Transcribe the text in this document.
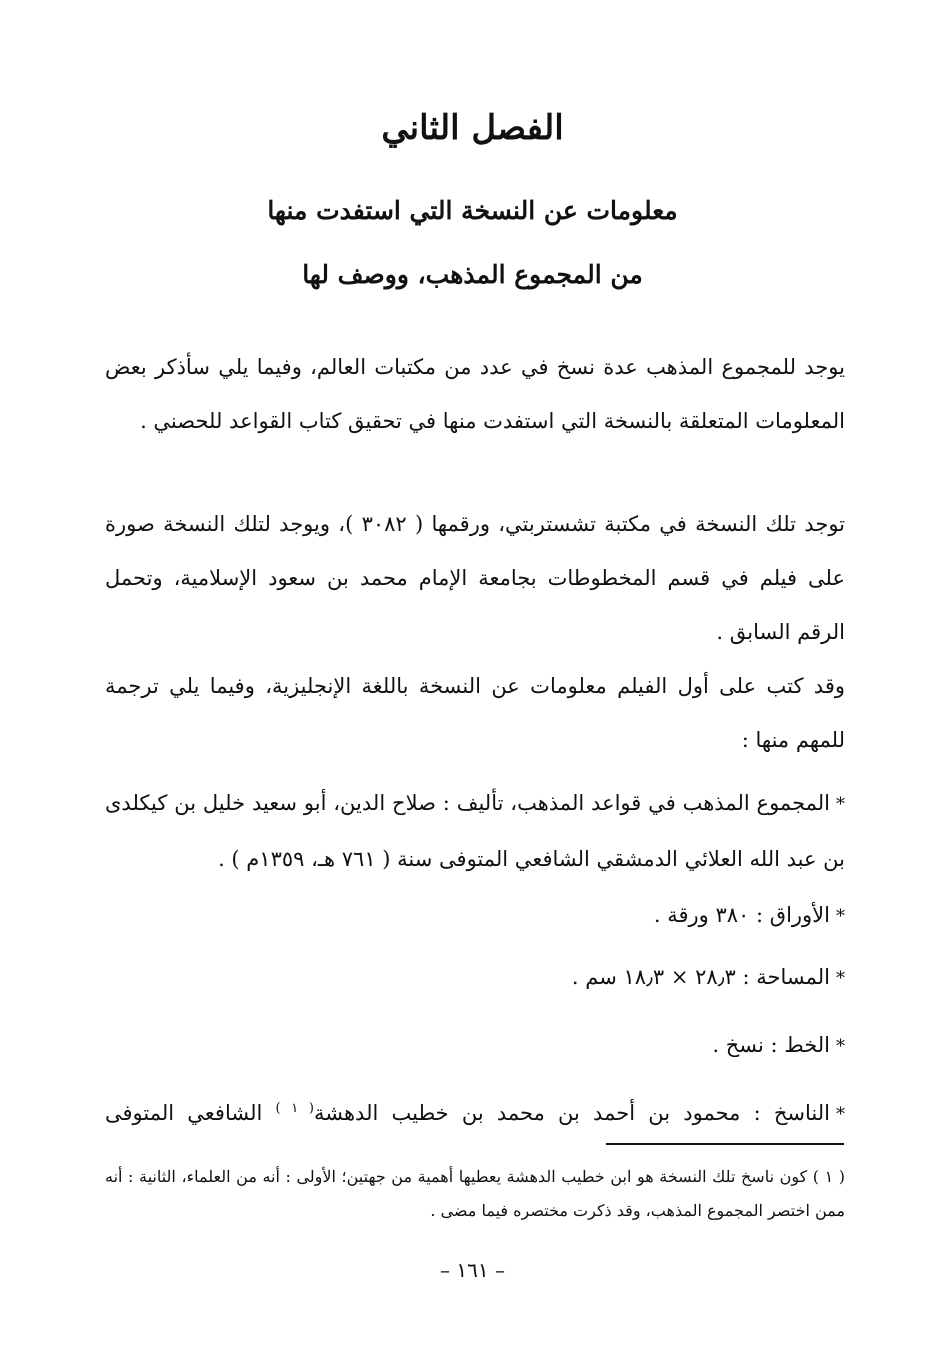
الفصل الثاني
معلومات عن النسخة التي استفدت منها
من المجموع المذهب، ووصف لها

يوجد للمجموع المذهب عدة نسخ في عدد من مكتبات العالم، وفيما يلي سأذكر بعض المعلومات المتعلقة بالنسخة التي استفدت منها في تحقيق كتاب القواعد للحصني .

توجد تلك النسخة في مكتبة تشستربتي، ورقمها ( ٣٠٨٢ )، ويوجد لتلك النسخة صورة على فيلم في قسم المخطوطات بجامعة الإمام محمد بن سعود الإسلامية، وتحمل الرقم السابق .

وقد كتب على أول الفيلم معلومات عن النسخة باللغة الإنجليزية، وفيما يلي ترجمة للمهم منها :

*المجموع المذهب في قواعد المذهب، تأليف : صلاح الدين، أبو سعيد خليل بن كيكلدى بن عبد الله العلائي الدمشقي الشافعي المتوفى سنة ( ٧٦١ هـ، ١٣٥٩م ) .

*الأوراق : ٣٨٠ ورقة .

*المساحة : ٢٨٫٣ × ١٨٫٣ سم .

*الخط : نسخ .

*الناسخ : محمود بن أحمد بن محمد بن خطيب الدهشة$^{( ١ )}$ الشافعي المتوفى

( ١ ) كون ناسخ تلك النسخة هو ابن خطيب الدهشة يعطيها أهمية من جهتين؛ الأولى : أنه من العلماء، الثانية : أنه ممن اختصر المجموع المذهب، وقد ذكرت مختصره فيما مضى .

– ١٦١ –
